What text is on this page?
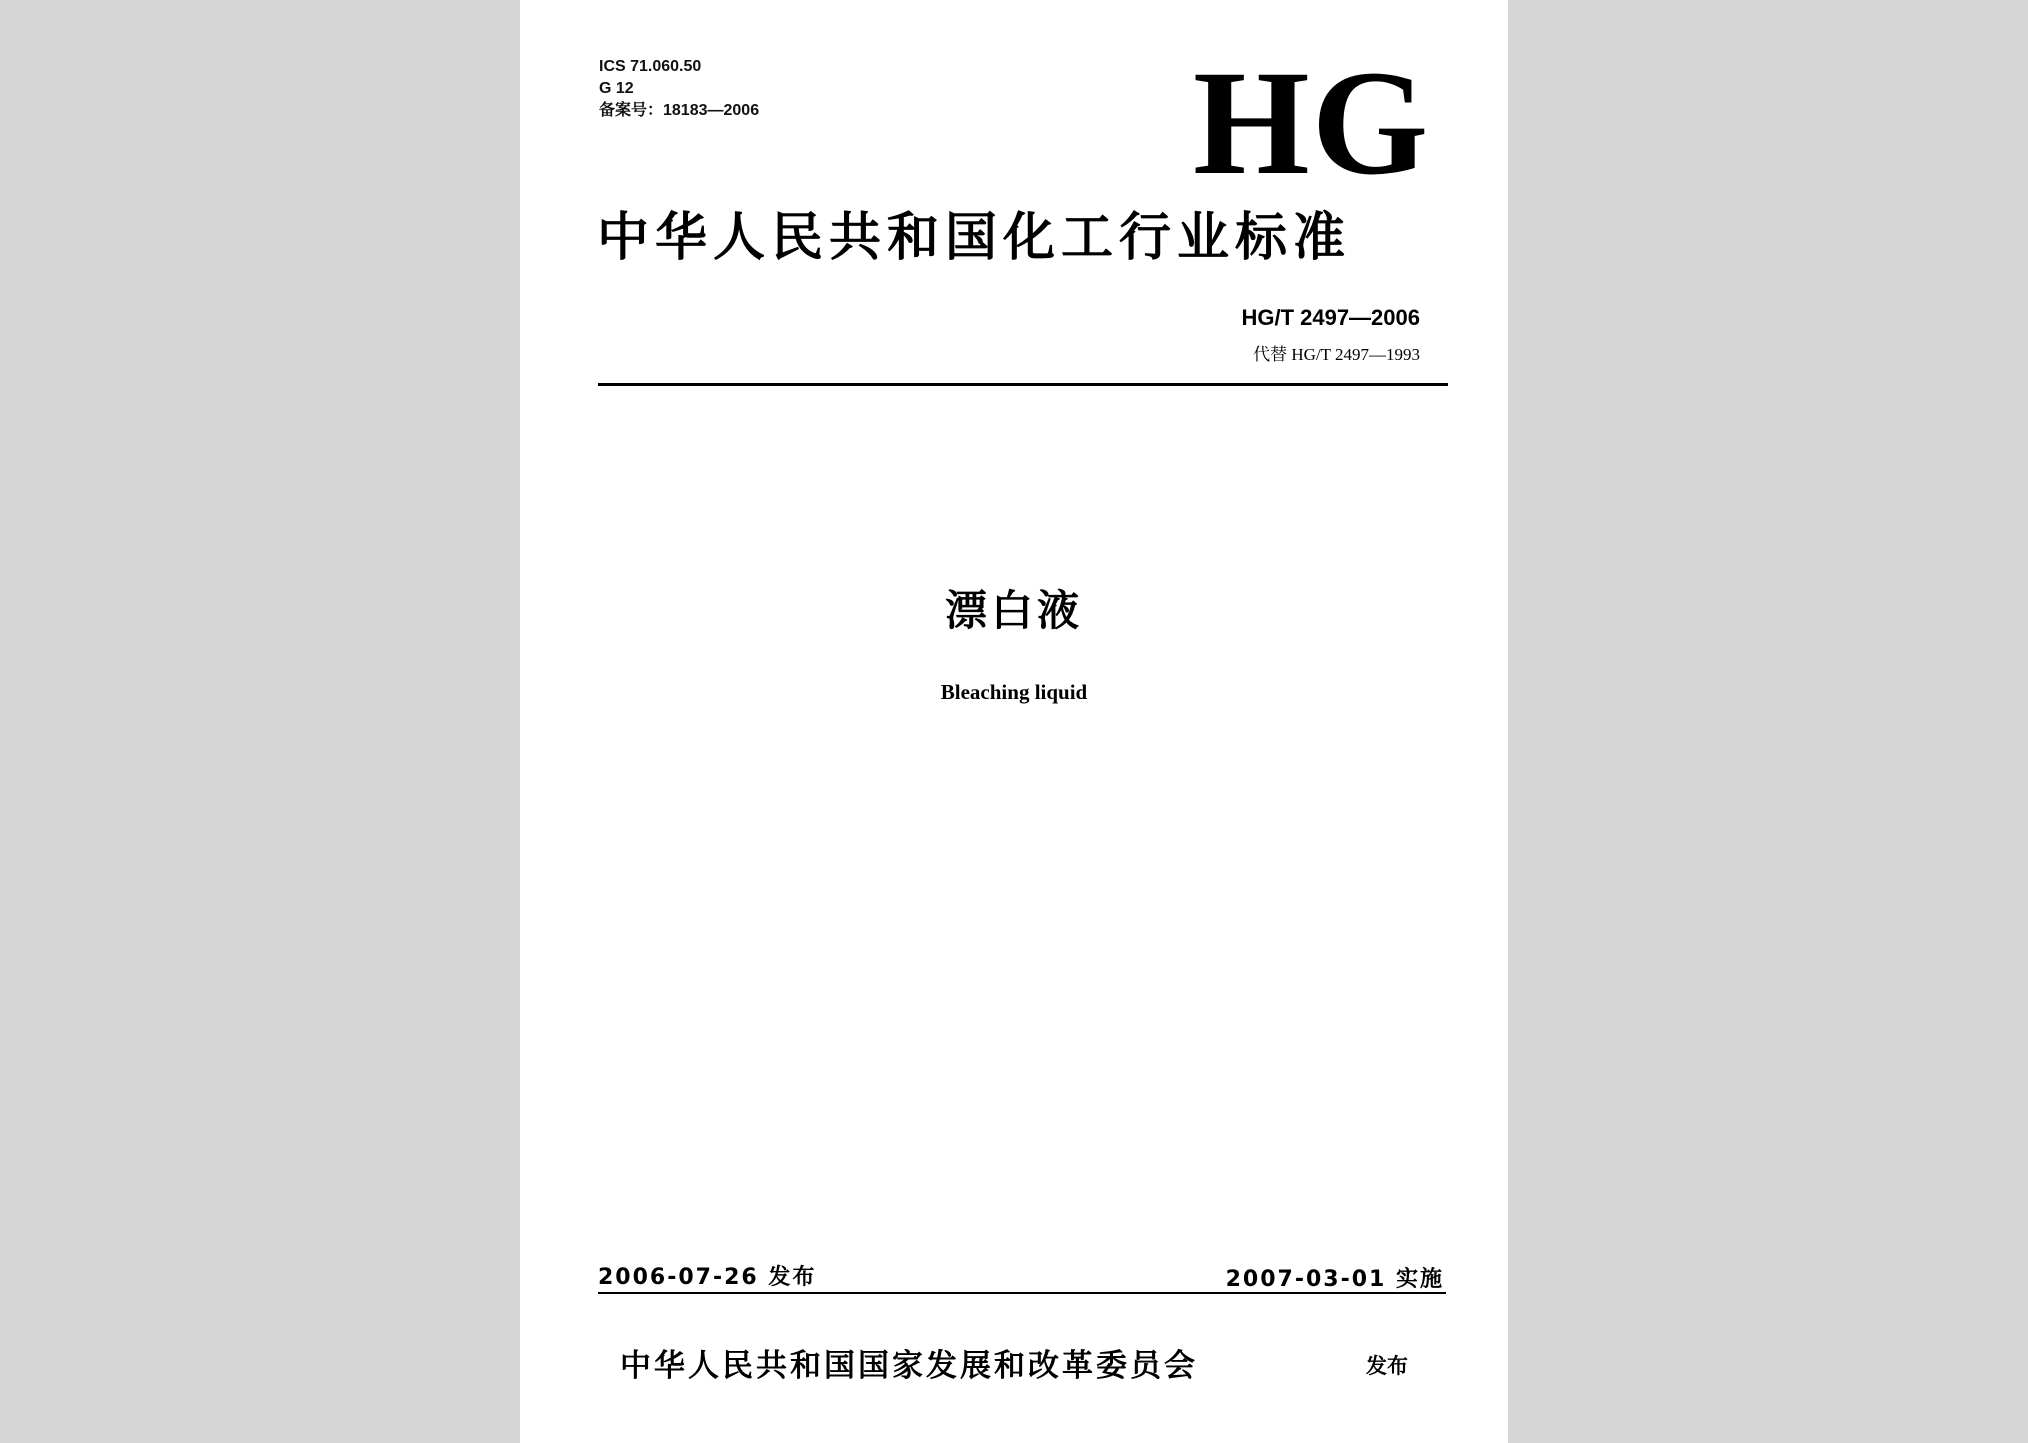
ICS 71.060.50
G 12
备案号：18183—2006	HG
中华人民共和国化工行业标准
HG/T 2497—2006
代替 HG/T 2497—1993
漂白液
Bleaching liquid
2006-07-26 发布	2007-03-01 实施
中华人民共和国国家发展和改革委员会	发布
